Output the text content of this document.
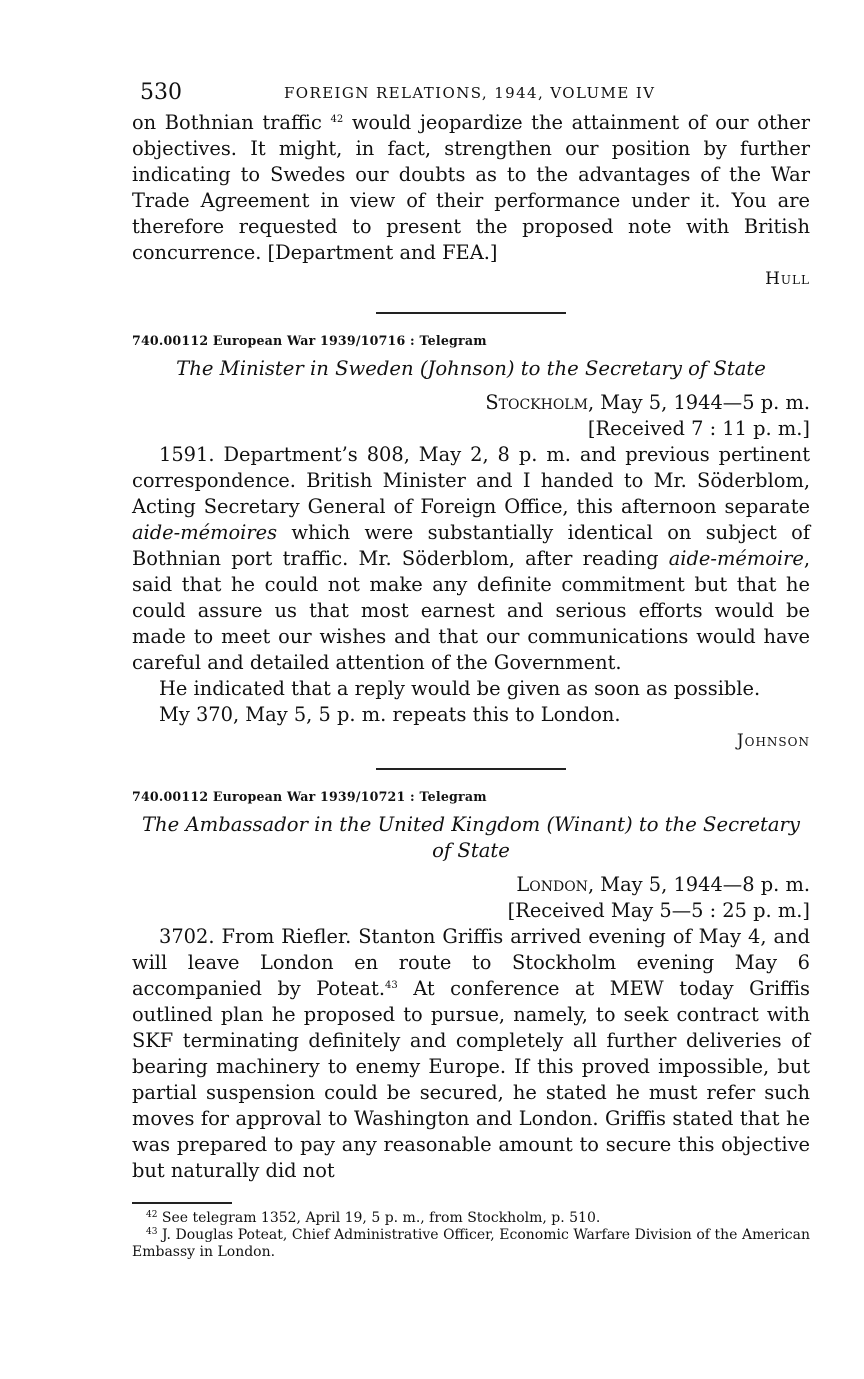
530	FOREIGN RELATIONS, 1944, VOLUME IV

on Bothnian traffic $^{42}$ would jeopardize the attainment of our other objectives. It might, in fact, strengthen our position by further indicating to Swedes our doubts as to the advantages of the War Trade Agreement in view of their performance under it. You are therefore requested to present the proposed note with British concurrence. [Department and FEA.]

Hull
740.00112 European War 1939/10716 : Telegram
The Minister in Sweden (Johnson) to the Secretary of State
Stockholm, May 5, 1944—5 p. m.
[Received 7 : 11 p. m.]

1591. Department’s 808, May 2, 8 p. m. and previous pertinent correspondence. British Minister and I handed to Mr. Söderblom, Acting Secretary General of Foreign Office, this afternoon separate aide-mémoires which were substantially identical on subject of Bothnian port traffic. Mr. Söderblom, after reading aide-mémoire, said that he could not make any definite commitment but that he could assure us that most earnest and serious efforts would be made to meet our wishes and that our communications would have careful and detailed attention of the Government.

He indicated that a reply would be given as soon as possible.

My 370, May 5, 5 p. m. repeats this to London.

Johnson
740.00112 European War 1939/10721 : Telegram
The Ambassador in the United Kingdom (Winant) to the Secretary of State
London, May 5, 1944—8 p. m.
[Received May 5—5 : 25 p. m.]

3702. From Riefler. Stanton Griffis arrived evening of May 4, and will leave London en route to Stockholm evening May 6 accompanied by Poteat.$^{43}$ At conference at MEW today Griffis outlined plan he proposed to pursue, namely, to seek contract with SKF terminating definitely and completely all further deliveries of bearing machinery to enemy Europe. If this proved impossible, but partial suspension could be secured, he stated he must refer such moves for approval to Washington and London. Griffis stated that he was prepared to pay any reasonable amount to secure this objective but naturally did not

$^{42}$ See telegram 1352, April 19, 5 p. m., from Stockholm, p. 510.

$^{43}$ J. Douglas Poteat, Chief Administrative Officer, Economic Warfare Division of the American Embassy in London.
